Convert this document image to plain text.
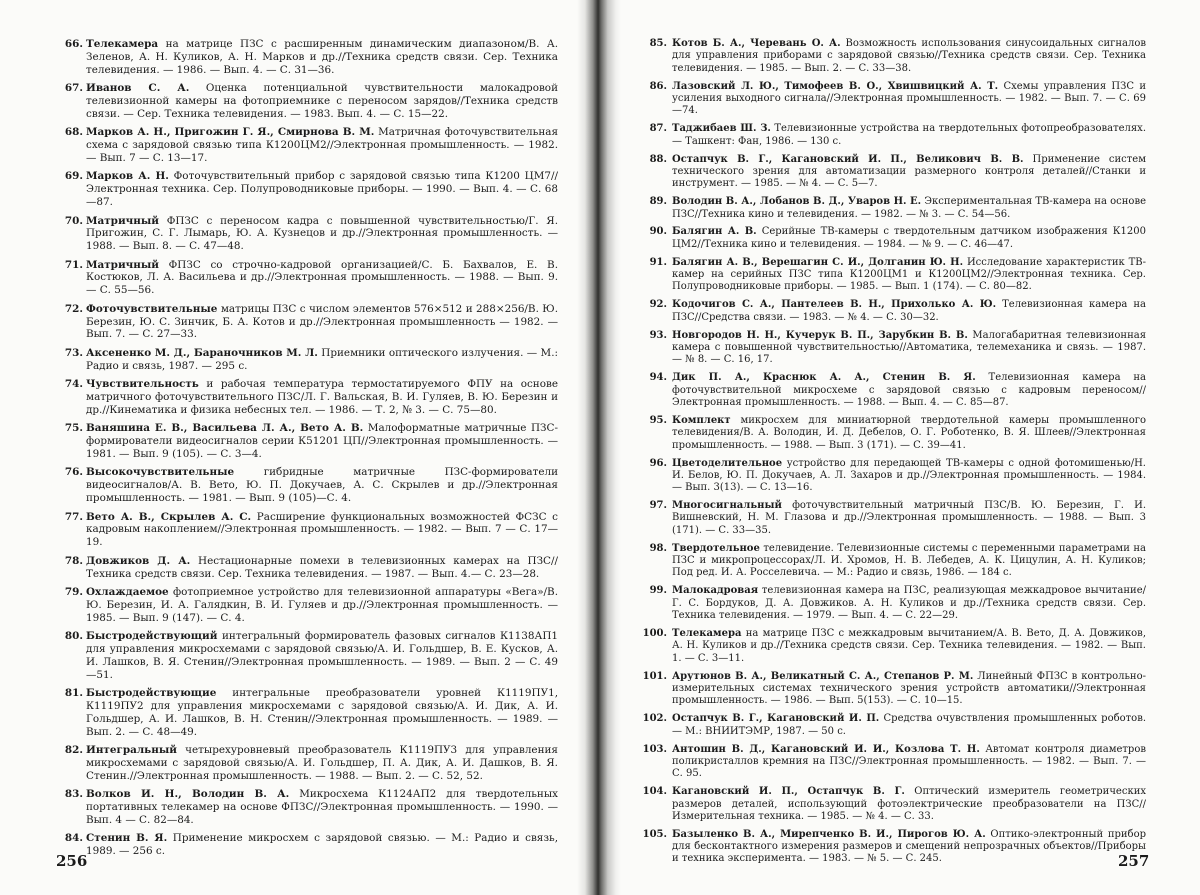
66. Телекамера на матрице ПЗС с расширенным динамическим диапазоном/В. А. Зеленов, А. Н. Куликов, А. Н. Марков и др.//Техника средств связи. Сер. Техника телевидения. — 1986. — Вып. 4. — С. 31—36.
67. Иванов С. А. Оценка потенциальной чувствительности малокадровой телевизионной камеры на фотоприемнике с переносом зарядов//Техника средств связи. — Сер. Техника телевидения. — 1983. Вып. 4. — С. 15—22.
68. Марков А. Н., Пригожин Г. Я., Смирнова В. М. Матричная фоточувствительная схема с зарядовой связью типа К1200ЦМ2//Электронная промышленность. — 1982. — Вып. 7 — С. 13—17.
69. Марков А. Н. Фоточувствительный прибор с зарядовой связью типа К1200 ЦМ7//Электронная техника. Сер. Полупроводниковые приборы. — 1990. — Вып. 4. — С. 68—87.
70. Матричный ФПЗС с переносом кадра с повышенной чувствительностью/Г. Я. Пригожин, С. Г. Лымарь, Ю. А. Кузнецов и др.//Электронная промышленность. — 1988. — Вып. 8. — С. 47—48.
71. Матричный ФПЗС со строчно-кадровой организацией/С. Б. Бахвалов, Е. В. Костюков, Л. А. Васильева и др.//Электронная промышленность. — 1988. — Вып. 9. — С. 55—56.
72. Фоточувствительные матрицы ПЗС с числом элементов 576×512 и 288×256/В. Ю. Березин, Ю. С. Зинчик, Б. А. Котов и др.//Электронная промышленность — 1982. — Вып. 7. — С. 27—33.
73. Аксененко М. Д., Бараночников М. Л. Приемники оптического излучения. — М.: Радио и связь, 1987. — 295 с.
74. Чувствительность и рабочая температура термостатируемого ФПУ на основе матричного фоточувствительного ПЗС/Л. Г. Вальская, В. И. Гуляев, В. Ю. Березин и др.//Кинематика и физика небесных тел. — 1986. — Т. 2, № 3. — С. 75—80.
75. Ваняшина Е. В., Васильева Л. А., Вето А. В. Малоформатные матричные ПЗС-формирователи видеосигналов серии К51201 ЦП//Электронная промышленность. — 1981. — Вып. 9 (105). — С. 3—4.
76. Высокочувствительные гибридные матричные ПЗС-формирователи видеосигналов/А. В. Вето, Ю. П. Докучаев, А. С. Скрылев и др.//Электронная промышленность. — 1981. — Вып. 9 (105)—С. 4.
77. Вето А. В., Скрылев А. С. Расширение функциональных возможностей ФСЗС с кадровым накоплением//Электронная промышленность. — 1982. — Вып. 7 — С. 17—19.
78. Довжиков Д. А. Нестационарные помехи в телевизионных камерах на ПЗС//Техника средств связи. Сер. Техника телевидения. — 1987. — Вып. 4.— С. 23—28.
79. Охлаждаемое фотоприемное устройство для телевизионной аппаратуры «Вега»/В. Ю. Березин, И. А. Галядкин, В. И. Гуляев и др.//Электронная промышленность. — 1985. — Вып. 9 (147). — С. 4.
80. Быстродействующий интегральный формирователь фазовых сигналов К1138АП1 для управления микросхемами с зарядовой связью/А. И. Гольдшер, В. Е. Кусков, А. И. Лашков, В. Я. Стенин//Электронная промышленность. — 1989. — Вып. 2 — С. 49—51.
81. Быстродействующие интегральные преобразователи уровней К1119ПУ1, К1119ПУ2 для управления микросхемами с зарядовой связью/А. И. Дик, А. И. Гольдшер, А. И. Лашков, В. Н. Стенин//Электронная промышленность. — 1989. — Вып. 2. — С. 48—49.
82. Интегральный четырехуровневый преобразователь К1119ПУ3 для управления микросхемами с зарядовой связью/А. И. Гольдшер, П. А. Дик, А. И. Дашков, В. Я. Стенин.//Электронная промышленность. — 1988. — Вып. 2. — С. 52, 52.
83. Волков И. Н., Володин В. А. Микросхема К1124АП2 для твердотельных портативных телекамер на основе ФПЗС//Электронная промышленность. — 1990. — Вып. 4 — С. 82—84.
84. Стенин В. Я. Применение микросхем с зарядовой связью. — М.: Радио и связь, 1989. — 256 с.
85. Котов Б. А., Черевань О. А. Возможность использования синусоидальных сигналов для управления приборами с зарядовой связью//Техника средств связи. Сер. Техника телевидения. — 1985. — Вып. 2. — С. 33—38.
86. Лазовский Л. Ю., Тимофеев В. О., Хвишвицкий А. Т. Схемы управления ПЗС и усиления выходного сигнала//Электронная промышленность. — 1982. — Вып. 7. — С. 69—74.
87. Таджибаев Ш. З. Телевизионные устройства на твердотельных фотопреобразователях. — Ташкент: Фан, 1986. — 130 с.
88. Остапчук В. Г., Кагановский И. П., Великович В. В. Применение систем технического зрения для автоматизации размерного контроля деталей//Станки и инструмент. — 1985. — № 4. — С. 5—7.
89. Володин В. А., Лобанов В. Д., Уваров Н. Е. Экспериментальная ТВ-камера на основе ПЗС//Техника кино и телевидения. — 1982. — № 3. — С. 54—56.
90. Балягин А. В. Серийные ТВ-камеры с твердотельным датчиком изображения К1200 ЦМ2//Техника кино и телевидения. — 1984. — № 9. — С. 46—47.
91. Балягин А. В., Верешагин С. И., Долганин Ю. Н. Исследование характеристик ТВ-камер на серийных ПЗС типа К1200ЦМ1 и К1200ЦМ2//Электронная техника. Сер. Полупроводниковые приборы. — 1985. — Вып. 1 (174). — С. 80—82.
92. Кодочигов С. А., Пантелеев В. Н., Прихолько А. Ю. Телевизионная камера на ПЗС//Средства связи. — 1983. — № 4. — С. 30—32.
93. Новгородов Н. Н., Кучерук В. П., Зарубкин В. В. Малогабаритная телевизионная камера с повышенной чувствительностью//Автоматика, телемеханика и связь. — 1987. — № 8. — С. 16, 17.
94. Дик П. А., Краснюк А. А., Стенин В. Я. Телевизионная камера на фоточувствительной микросхеме с зарядовой связью с кадровым переносом//Электронная промышленность. — 1988. — Вып. 4. — С. 85—87.
95. Комплект микросхем для миниатюрной твердотельной камеры промышленного телевидения/В. А. Володин, И. Д. Дебелов, О. Г. Роботенко, В. Я. Шлеев//Электронная промышленность. — 1988. — Вып. 3 (171). — С. 39—41.
96. Цветоделительное устройство для передающей ТВ-камеры с одной фотомишенью/Н. И. Белов, Ю. П. Докучаев, А. Л. Захаров и др.//Электронная промышленность. — 1984. — Вып. 3(13). — С. 13—16.
97. Многосигнальный фоточувствительный матричный ПЗС/В. Ю. Березин, Г. И. Вишневский, Н. М. Глазова и др.//Электронная промышленность. — 1988. — Вып. 3 (171). — С. 33—35.
98. Твердотельное телевидение. Телевизионные системы с переменными параметрами на ПЗС и микропроцессорах/Л. И. Хромов, Н. В. Лебедев, А. К. Цицулин, А. Н. Куликов; Под ред. И. А. Росселевича. — М.: Радио и связь, 1986. — 184 с.
99. Малокадровая телевизионная камера на ПЗС, реализующая межкадровое вычитание/Г. С. Бордуков, Д. А. Довжиков. А. Н. Куликов и др.//Техника средств связи. Сер. Техника телевидения. — 1979. — Вып. 4. — С. 22—29.
100. Телекамера на матрице ПЗС с межкадровым вычитанием/А. В. Вето, Д. А. Довжиков, А. Н. Куликов и др.//Техника средств связи. Сер. Техника телевидения. — 1982. — Вып. 1. — С. 3—11.
101. Арутюнов В. А., Великатный С. А., Степанов Р. М. Линейный ФПЗС в контрольно-измерительных системах технического зрения устройств автоматики//Электронная промышленность. — 1986. — Вып. 5(153). — С. 10—15.
102. Остапчук В. Г., Кагановский И. П. Средства очувствления промышленных роботов. — М.: ВНИИТЭМР, 1987. — 50 с.
103. Антошин В. Д., Кагановский И. И., Козлова Т. Н. Автомат контроля диаметров поликристаллов кремния на ПЗС//Электронная промышленность. — 1982. — Вып. 7. — С. 95.
104. Кагановский И. П., Остапчук В. Г. Оптический измеритель геометрических размеров деталей, использующий фотоэлектрические преобразователи на ПЗС//Измерительная техника. — 1985. — № 4. — С. 33.
105. Базыленко В. А., Мирепченко В. И., Пирогов Ю. А. Оптико-электронный прибор для бесконтактного измерения размеров и смещений непрозрачных объектов//Приборы и техника эксперимента. — 1983. — № 5. — С. 245.
256	257
